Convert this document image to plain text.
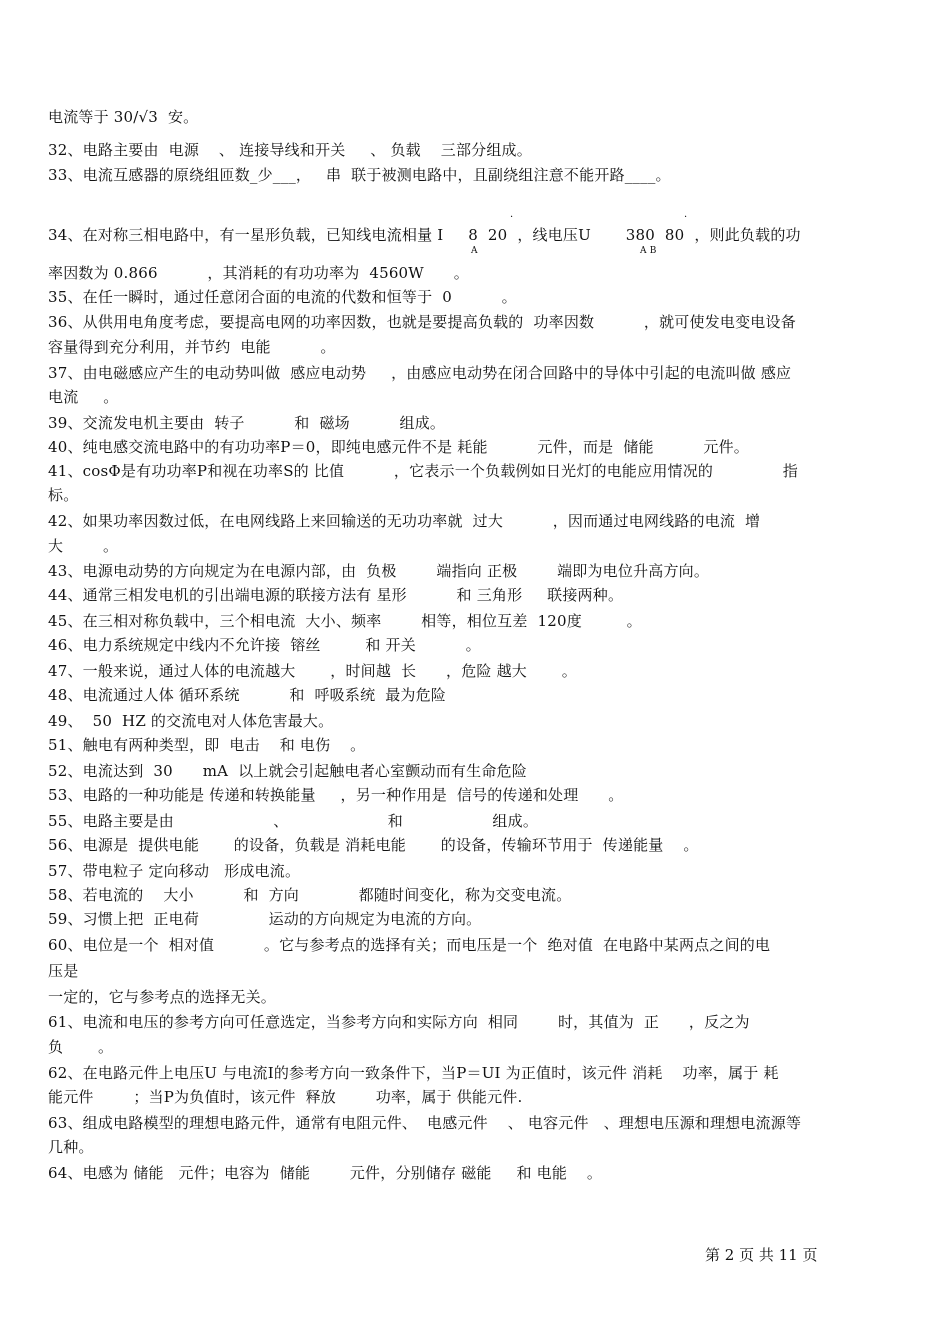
电流等于 30/√3  安。
32、电路主要由  电源    、 连接导线和开关     、 负载    三部分组成。
33、电流互感器的原绕组匝数_少___，   串  联于被测电路中，且副绕组注意不能开路____。
·	·
34、在对称三相电路中，有一星形负载，已知线电流相量 I     8  20  ，线电压U       380  80  ，则此负载的功
A	A B
率因数为 0.866          ，其消耗的有功功率为  4560W      。
35、在任一瞬时，通过任意闭合面的电流的代数和恒等于  0          。
36、从供用电角度考虑，要提高电网的功率因数，也就是要提高负载的  功率因数          ，就可使发电变电设备
容量得到充分利用，并节约  电能          。
37、由电磁感应产生的电动势叫做  感应电动势     ，由感应电动势在闭合回路中的导体中引起的电流叫做 感应
电流     。
39、交流发电机主要由  转子          和  磁场          组成。
40、纯电感交流电路中的有功功率P＝0，即纯电感元件不是 耗能          元件，而是  储能          元件。
41、cosΦ是有功功率P和视在功率S的 比值          ，它表示一个负载例如日光灯的电能应用情况的              指
标。
42、如果功率因数过低，在电网线路上来回输送的无功功率就  过大          ，因而通过电网线路的电流  增
大        。
43、电源电动势的方向规定为在电源内部，由  负极        端指向 正极        端即为电位升高方向。
44、通常三相发电机的引出端电源的联接方法有 星形          和 三角形     联接两种。
45、在三相对称负载中，三个相电流  大小、频率        相等，相位互差  120度         。
46、电力系统规定中线内不允许接  镕丝         和 开关          。
47、一般来说，通过人体的电流越大       ，时间越  长      ，危险 越大       。
48、电流通过人体 循环系统          和  呼吸系统  最为危险
49、  50  HZ 的交流电对人体危害最大。
51、触电有两种类型，即  电击    和 电伤    。
52、电流达到  30      mA  以上就会引起触电者心室颤动而有生命危险
53、电路的一种功能是 传递和转换能量     ，另一种作用是  信号的传递和处理      。
55、电路主要是由                    、                    和                  组成。
56、电源是  提供电能       的设备，负载是 消耗电能       的设备，传输环节用于  传递能量    。
57、带电粒子 定向移动   形成电流。
58、若电流的    大小          和  方向            都随时间变化，称为交变电流。
59、习惯上把  正电荷              运动的方向规定为电流的方向。
60、电位是一个  相对值          。它与参考点的选择有关；而电压是一个  绝对值  在电路中某两点之间的电
压是
一定的，它与参考点的选择无关。
61、电流和电压的参考方向可任意选定，当参考方向和实际方向  相同        时，其值为  正      ，反之为
负       。
62、在电路元件上电压U 与电流I的参考方向一致条件下，当P＝UI 为正值时，该元件 消耗    功率，属于 耗
能元件        ；当P为负值时，该元件  释放        功率，属于 供能元件.
63、组成电路模型的理想电路元件，通常有电阻元件、  电感元件    、 电容元件   、理想电压源和理想电流源等
几种。
64、电感为 储能   元件；电容为  储能        元件，分别储存 磁能     和 电能    。
第 2 页 共 11 页
